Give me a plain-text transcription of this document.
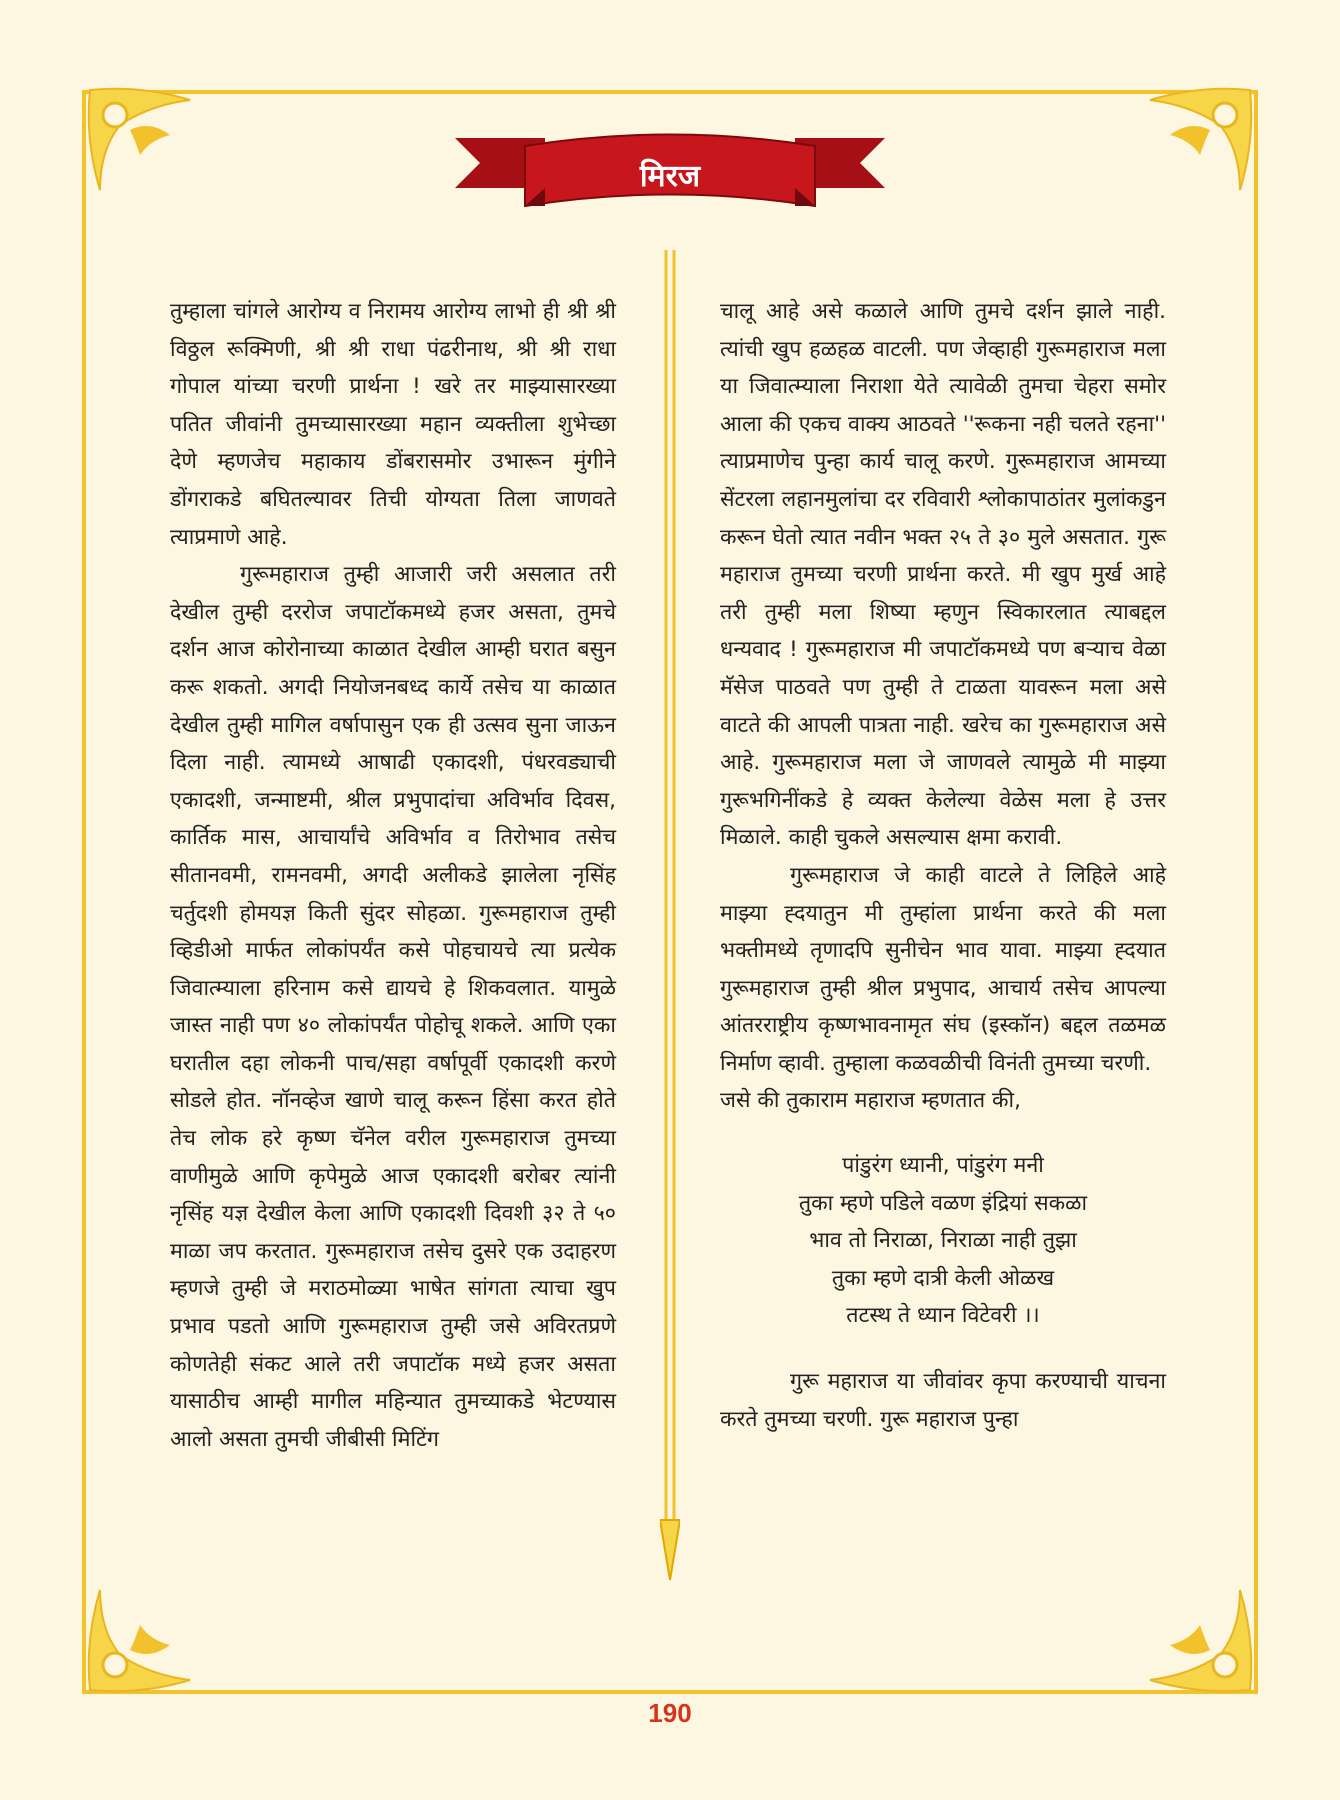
मिरज

तुम्हाला चांगले आरोग्य व निरामय आरोग्य लाभो ही श्री श्री विठ्ठल रूक्मिणी, श्री श्री राधा पंढरीनाथ, श्री श्री राधा गोपाल यांच्या चरणी प्रार्थना ! खरे तर माझ्यासारख्या पतित जीवांनी तुमच्यासारख्या महान व्यक्तीला शुभेच्छा देणे म्हणजेच महाकाय डोंबरासमोर उभारून मुंगीने डोंगराकडे बघितल्यावर तिची योग्यता तिला जाणवते त्याप्रमाणे आहे.

गुरूमहाराज तुम्ही आजारी जरी असलात तरी देखील तुम्ही दररोज जपाटॉकमध्ये हजर असता, तुमचे दर्शन आज कोरोनाच्या काळात देखील आम्ही घरात बसुन करू शकतो. अगदी नियोजनबध्द कार्ये तसेच या काळात देखील तुम्ही मागिल वर्षापासुन एक ही उत्सव सुना जाऊन दिला नाही. त्यामध्ये आषाढी एकादशी, पंधरवड्याची एकादशी, जन्माष्टमी, श्रील प्रभुपादांचा अविर्भाव दिवस, कार्तिक मास, आचार्यांचे अविर्भाव व तिरोभाव तसेच सीतानवमी, रामनवमी, अगदी अलीकडे झालेला नृसिंह चर्तुदशी होमयज्ञ किती सुंदर सोहळा. गुरूमहाराज तुम्ही व्हिडीओ मार्फत लोकांपर्यंत कसे पोहचायचे त्या प्रत्येक जिवात्म्याला हरिनाम कसे द्यायचे हे शिकवलात. यामुळे जास्त नाही पण ४० लोकांपर्यंत पोहोचू शकले. आणि एका घरातील दहा लोकनी पाच/सहा वर्षापूर्वी एकादशी करणे सोडले होत. नॉनव्हेज खाणे चालू करून हिंसा करत होते तेच लोक हरे कृष्ण चॅनेल वरील गुरूमहाराज तुमच्या वाणीमुळे आणि कृपेमुळे आज एकादशी बरोबर त्यांनी नृसिंह यज्ञ देखील केला आणि एकादशी दिवशी ३२ ते ५० माळा जप करतात. गुरूमहाराज तसेच दुसरे एक उदाहरण म्हणजे तुम्ही जे मराठमोळ्या भाषेत सांगता त्याचा खुप प्रभाव पडतो आणि गुरूमहाराज तुम्ही जसे अविरतप्रणे कोणतेही संकट आले तरी जपाटॉक मध्ये हजर असता यासाठीच आम्ही मागील महिन्यात तुमच्याकडे भेटण्यास आलो असता तुमची जीबीसी मिटिंग

चालू आहे असे कळाले आणि तुमचे दर्शन झाले नाही. त्यांची खुप हळहळ वाटली. पण जेव्हाही गुरूमहाराज मला या जिवात्म्याला निराशा येते त्यावेळी तुमचा चेहरा समोर आला की एकच वाक्य आठवते ''रूकना नही चलते रहना'' त्याप्रमाणेच पुन्हा कार्य चालू करणे. गुरूमहाराज आमच्या सेंटरला लहानमुलांचा दर रविवारी श्लोकापाठांतर मुलांकडुन करून घेतो त्यात नवीन भक्त २५ ते ३० मुले असतात. गुरू महाराज तुमच्या चरणी प्रार्थना करते. मी खुप मुर्ख आहे तरी तुम्ही मला शिष्या म्हणुन स्विकारलात त्याबद्दल धन्यवाद ! गुरूमहाराज मी जपाटॉकमध्ये पण बऱ्याच वेळा मॅसेज पाठवते पण तुम्ही ते टाळता यावरून मला असे वाटते की आपली पात्रता नाही. खरेच का गुरूमहाराज असे आहे. गुरूमहाराज मला जे जाणवले त्यामुळे मी माझ्या गुरूभगिनींकडे हे व्यक्त केलेल्या वेळेस मला हे उत्तर मिळाले. काही चुकले असल्यास क्षमा करावी.

गुरूमहाराज जे काही वाटले ते लिहिले आहे माझ्या ह्दयातुन मी तुम्हांला प्रार्थना करते की मला भक्तीमध्ये तृणादपि सुनीचेन भाव यावा. माझ्या ह्दयात गुरूमहाराज तुम्ही श्रील प्रभुपाद, आचार्य तसेच आपल्या आंतरराष्ट्रीय कृष्णभावनामृत संघ (इस्कॉन) बद्दल तळमळ निर्माण व्हावी. तुम्हाला कळवळीची विनंती तुमच्या चरणी.

जसे की तुकाराम महाराज म्हणतात की,

पांडुरंग ध्यानी, पांडुरंग मनी
तुका म्हणे पडिले वळण इंद्रियां सकळा
भाव तो निराळा, निराळा नाही तुझा
तुका म्हणे दात्री केली ओळख
तटस्थ ते ध्यान विटेवरी ।।

गुरू महाराज या जीवांवर कृपा करण्याची याचना करते तुमच्या चरणी. गुरू महाराज पुन्हा

190
